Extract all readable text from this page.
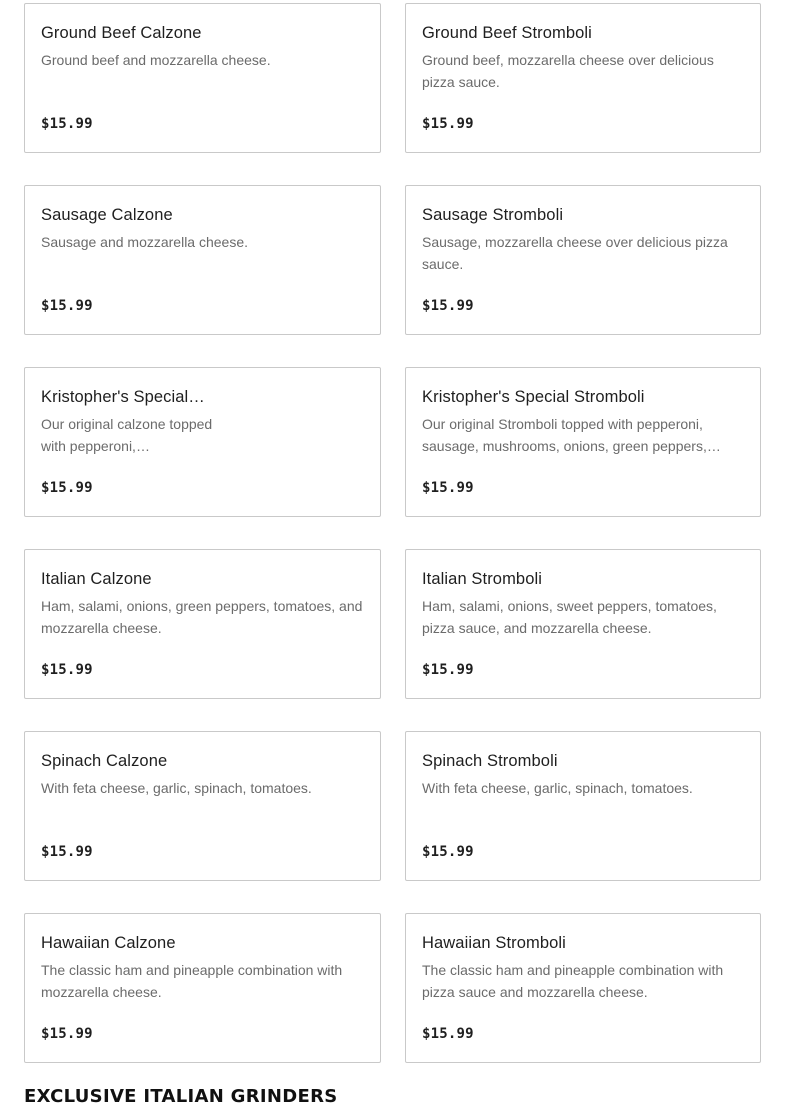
Ground Beef Calzone
Ground beef and mozzarella cheese.
$15.99
Ground Beef Stromboli
Ground beef, mozzarella cheese over delicious pizza sauce.
$15.99
Sausage Calzone
Sausage and mozzarella cheese.
$15.99
Sausage Stromboli
Sausage, mozzarella cheese over delicious pizza sauce.
$15.99
Kristopher's Special…
Our original calzone topped with pepperoni,…
$15.99
Kristopher's Special Stromboli
Our original Stromboli topped with pepperoni, sausage, mushrooms, onions, green peppers,…
$15.99
Italian Calzone
Ham, salami, onions, green peppers, tomatoes, and mozzarella cheese.
$15.99
Italian Stromboli
Ham, salami, onions, sweet peppers, tomatoes, pizza sauce, and mozzarella cheese.
$15.99
Spinach Calzone
With feta cheese, garlic, spinach, tomatoes.
$15.99
Spinach Stromboli
With feta cheese, garlic, spinach, tomatoes.
$15.99
Hawaiian Calzone
The classic ham and pineapple combination with mozzarella cheese.
$15.99
Hawaiian Stromboli
The classic ham and pineapple combination with pizza sauce and mozzarella cheese.
$15.99
EXCLUSIVE ITALIAN GRINDERS
